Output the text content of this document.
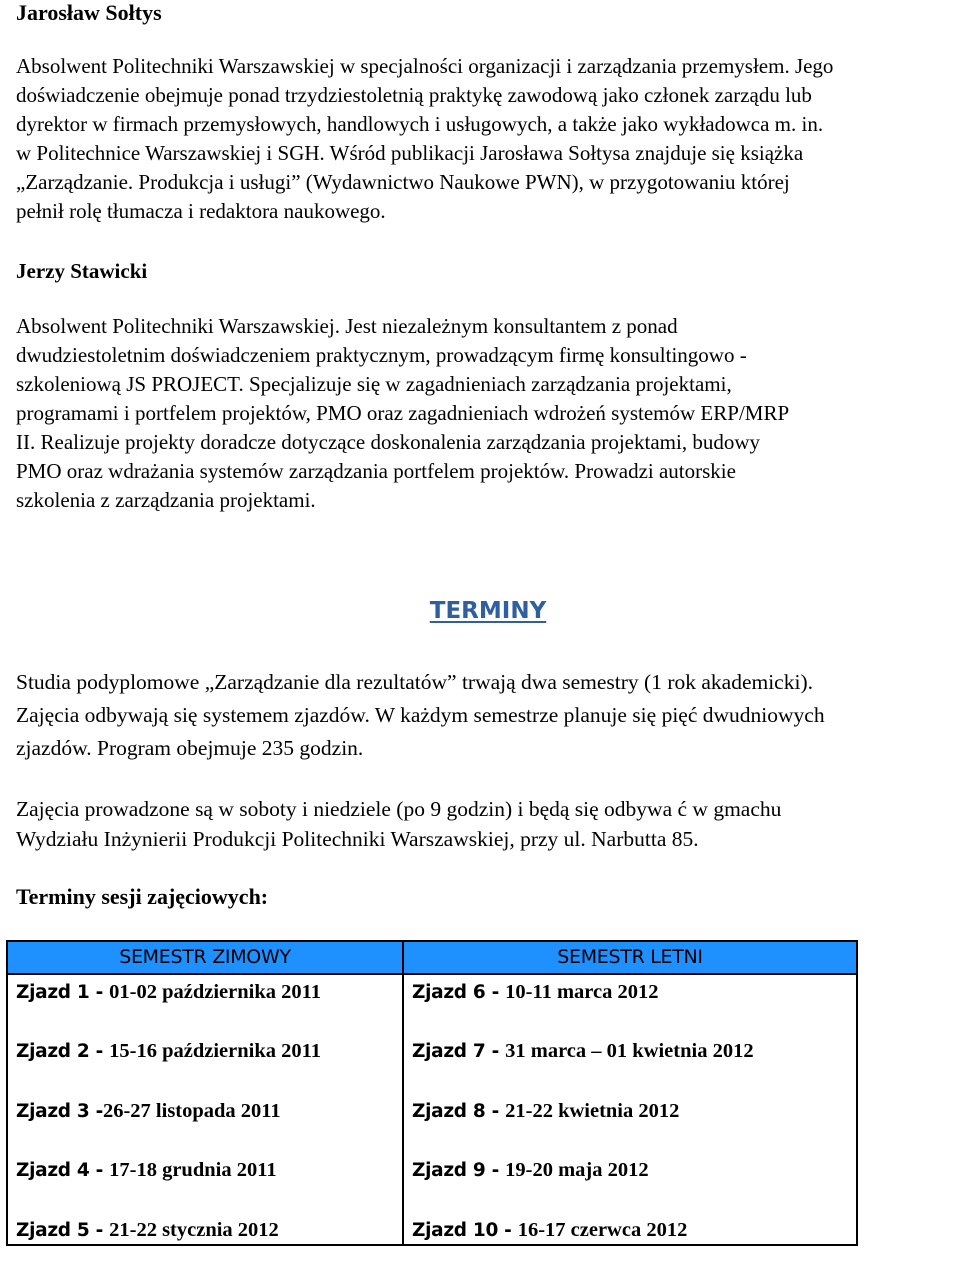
Jarosław Sołtys

Absolwent Politechniki Warszawskiej w specjalności organizacji i zarządzania przemysłem. Jego
doświadczenie obejmuje ponad trzydziestoletnią praktykę zawodową jako członek zarządu lub
dyrektor w firmach przemysłowych, handlowych i usługowych, a także jako wykładowca m. in.
w Politechnice Warszawskiej i SGH. Wśród publikacji Jarosława Sołtysa znajduje się książka
„Zarządzanie. Produkcja i usługi” (Wydawnictwo Naukowe PWN), w przygotowaniu której
pełnił rolę tłumacza i redaktora naukowego.

Jerzy Stawicki

Absolwent Politechniki Warszawskiej. Jest niezależnym konsultantem z ponad
dwudziestoletnim doświadczeniem praktycznym, prowadzącym firmę konsultingowo -
szkoleniową JS PROJECT. Specjalizuje się w zagadnieniach zarządzania projektami,
programami i portfelem projektów, PMO oraz zagadnieniach wdrożeń systemów ERP/MRP
II. Realizuje projekty doradcze dotyczące doskonalenia zarządzania projektami, budowy
PMO oraz wdrażania systemów zarządzania portfelem projektów. Prowadzi autorskie
szkolenia z zarządzania projektami.

TERMINY

Studia podyplomowe „Zarządzanie dla rezultatów” trwają dwa semestry (1 rok akademicki).
Zajęcia odbywają się systemem zjazdów. W każdym semestrze planuje się pięć dwudniowych
zjazdów. Program obejmuje 235 godzin.

Zajęcia prowadzone są w soboty i niedziele (po 9 godzin) i będą się odbywa ć w gmachu
Wydziału Inżynierii Produkcji Politechniki Warszawskiej, przy ul. Narbutta 85.

Terminy sesji zajęciowych:
SEMESTR ZIMOWY	SEMESTR LETNI
Zjazd 1 - 01-02 października 2011
Zjazd 2 - 15-16 października 2011
Zjazd 3 -26-27 listopada 2011
Zjazd 4 - 17-18 grudnia 2011
Zjazd 5 - 21-22 stycznia 2012
Zjazd 6 - 10-11 marca 2012
Zjazd 7 - 31 marca – 01 kwietnia 2012
Zjazd 8 - 21-22 kwietnia 2012
Zjazd 9 - 19-20 maja 2012
Zjazd 10 - 16-17 czerwca 2012
